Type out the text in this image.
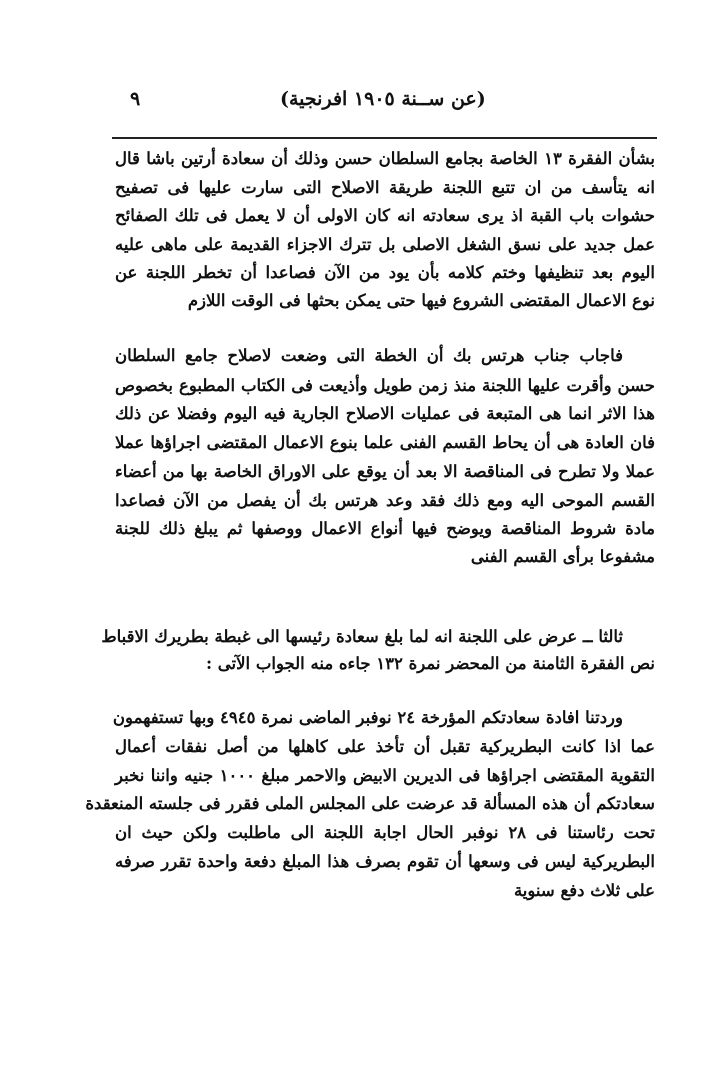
٩	(عن ســنة ١٩٠٥ افرنجية)
بشأن الفقرة ١٣ الخاصة بجامع السلطان حسن وذلك أن سعادة أرتين باشا قال
انه يتأسف من ان تتبع اللجنة طريقة الاصلاح التى سارت عليها فى تصفيح
حشوات باب القبة اذ يرى سعادته انه كان الاولى أن لا يعمل فى تلك الصفائح
عمل جديد على نسق الشغل الاصلى بل تترك الاجزاء القديمة على ماهى عليه
اليوم بعد تنظيفها وختم كلامه بأن يود من الآن فصاعدا أن تخطر اللجنة عن
نوع الاعمال المقتضى الشروع فيها حتى يمكن بحثها فى الوقت اللازم
فاجاب جناب هرتس بك أن الخطة التى وضعت لاصلاح جامع السلطان
حسن وأقرت عليها اللجنة منذ زمن طويل وأذيعت فى الكتاب المطبوع بخصوص
هذا الاثر انما هى المتبعة فى عمليات الاصلاح الجارية فيه اليوم وفضلا عن ذلك
فان العادة هى أن يحاط القسم الفنى علما بنوع الاعمال المقتضى اجراؤها عملا
عملا ولا تطرح فى المناقصة الا بعد أن يوقع على الاوراق الخاصة بها من أعضاء
القسم الموحى اليه ومع ذلك فقد وعد هرتس بك أن يفصل من الآن فصاعدا
مادة شروط المناقصة ويوضح فيها أنواع الاعمال ووصفها ثم يبلغ ذلك للجنة
مشفوعا برأى القسم الفنى
ثالثا ــ عرض على اللجنة انه لما بلغ سعادة رئيسها الى غبطة بطريرك الاقباط
نص الفقرة الثامنة من المحضر نمرة ١٣٢ جاءه منه الجواب الآتى :
وردتنا افادة سعادتكم المؤرخة ٢٤ نوفبر الماضى نمرة ٤٩٤٥ وبها تستفهمون
عما اذا كانت البطريركية تقبل أن تأخذ على كاهلها من أصل نفقات أعمال
التقوية المقتضى اجراؤها فى الديرين الابيض والاحمر مبلغ ١٠٠٠ جنيه واننا نخبر
سعادتكم أن هذه المسألة قد عرضت على المجلس الملى فقرر فى جلسته المنعقدة
تحت رئاستنا فى ٢٨ نوفبر الحال اجابة اللجنة الى ماطلبت ولكن حيث ان
البطريركية ليس فى وسعها أن تقوم بصرف هذا المبلغ دفعة واحدة تقرر صرفه
على ثلاث دفع سنوية
